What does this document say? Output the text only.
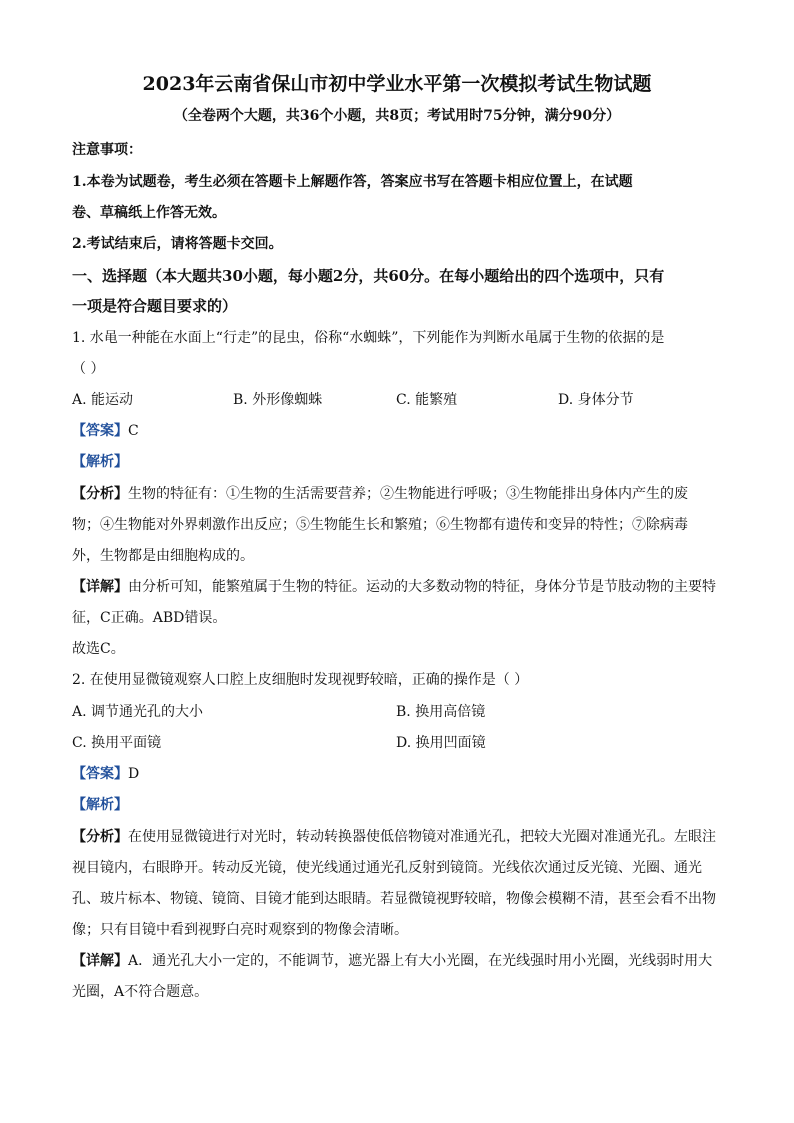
2023年云南省保山市初中学业水平第一次模拟考试生物试题
（全卷两个大题，共36个小题，共8页；考试用时75分钟，满分90分）
注意事项：
1.本卷为试题卷，考生必须在答题卡上解题作答，答案应书写在答题卡相应位置上，在试题
卷、草稿纸上作答无效。
2.考试结束后，请将答题卡交回。
一、选择题（本大题共30小题，每小题2分，共60分。在每小题给出的四个选项中，只有
一项是符合题目要求的）
1. 水黾一种能在水面上“行走”的昆虫，俗称“水蜘蛛”，下列能作为判断水黾属于生物的依据的是
（ ）
A. 能运动	B. 外形像蜘蛛	C. 能繁殖	D. 身体分节
【答案】C
【解析】
【分析】生物的特征有：①生物的生活需要营养；②生物能进行呼吸；③生物能排出身体内产生的废
物；④生物能对外界刺激作出反应；⑤生物能生长和繁殖；⑥生物都有遗传和变异的特性；⑦除病毒
外，生物都是由细胞构成的。
【详解】由分析可知，能繁殖属于生物的特征。运动的大多数动物的特征，身体分节是节肢动物的主要特
征，C正确。ABD错误。
故选C。
2. 在使用显微镜观察人口腔上皮细胞时发现视野较暗，正确的操作是（ ）
A. 调节通光孔的大小	B. 换用高倍镜
C. 换用平面镜	D. 换用凹面镜
【答案】D
【解析】
【分析】在使用显微镜进行对光时，转动转换器使低倍物镜对准通光孔，把较大光圈对准通光孔。左眼注
视目镜内，右眼睁开。转动反光镜，使光线通过通光孔反射到镜筒。光线依次通过反光镜、光圈、通光
孔、玻片标本、物镜、镜筒、目镜才能到达眼睛。若显微镜视野较暗，物像会模糊不清，甚至会看不出物
像；只有目镜中看到视野白亮时观察到的物像会清晰。
【详解】A．通光孔大小一定的，不能调节，遮光器上有大小光圈，在光线强时用小光圈，光线弱时用大
光圈，A不符合题意。
